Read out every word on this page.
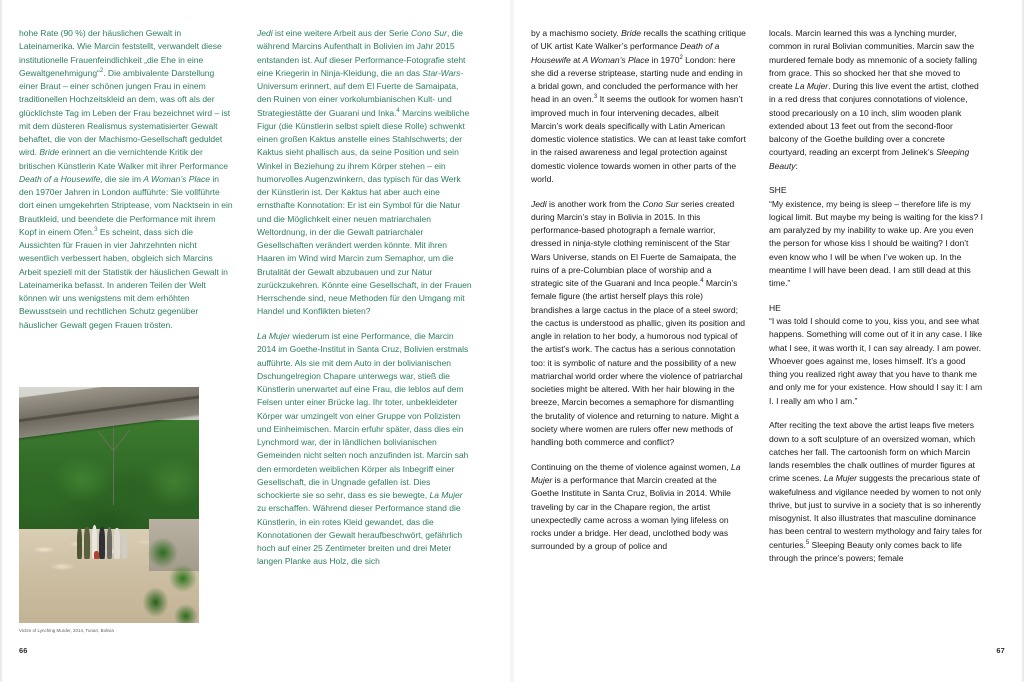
hohe Rate (90 %) der häuslichen Gewalt in Lateinamerika. Wie Marcin feststellt, verwandelt diese institutionelle Frauenfeindlichkeit „die Ehe in eine Gewaltgenehmigung“$^2$. Die ambivalente Darstellung einer Braut – einer schönen jungen Frau in einem traditionellen Hochzeitskleid an dem, was oft als der glücklichste Tag im Leben der Frau bezeichnet wird – ist mit dem düsteren Realismus systematisierter Gewalt behaftet, die von der Machismo-Gesellschaft geduldet wird. Bride erinnert an die vernichtende Kritik der britischen Künstlerin Kate Walker mit ihrer Performance Death of a Housewife, die sie im A Woman’s Place in den 1970er Jahren in London aufführte: Sie vollführte dort einen umgekehrten Striptease, vom Nacktsein in ein Brautkleid, und beendete die Performance mit ihrem Kopf in einem Ofen.$^3$ Es scheint, dass sich die Aussichten für Frauen in vier Jahrzehnten nicht wesentlich verbessert haben, obgleich sich Marcins Arbeit speziell mit der Statistik der häuslichen Gewalt in Lateinamerika befasst. In anderen Teilen der Welt können wir uns wenigstens mit dem erhöhten Bewusstsein und rechtlichen Schutz gegenüber häuslicher Gewalt gegen Frauen trösten.

Victim of Lynching Murder, 2014, Tunari, Bolivia

Jedi ist eine weitere Arbeit aus der Serie Cono Sur, die während Marcins Aufenthalt in Bolivien im Jahr 2015 entstanden ist. Auf dieser Performance-Fotografie steht eine Kriegerin in Ninja-Kleidung, die an das Star-Wars-Universum erinnert, auf dem El Fuerte de Samaipata, den Ruinen von einer vorkolumbianischen Kult- und Strategiestätte der Guarani und Inka.$^4$ Marcins weibliche Figur (die Künstlerin selbst spielt diese Rolle) schwenkt einen großen Kaktus anstelle eines Stahlschwerts; der Kaktus sieht phallisch aus, da seine Position und sein Winkel in Beziehung zu ihrem Körper stehen – ein humorvolles Augenzwinkern, das typisch für das Werk der Künstlerin ist. Der Kaktus hat aber auch eine ernsthafte Konnotation: Er ist ein Symbol für die Natur und die Möglichkeit einer neuen matriarchalen Weltordnung, in der die Gewalt patriarchaler Gesellschaften verändert werden könnte. Mit ihren Haaren im Wind wird Marcin zum Semaphor, um die Brutalität der Gewalt abzubauen und zur Natur zurückzukehren. Könnte eine Gesellschaft, in der Frauen Herrschende sind, neue Methoden für den Umgang mit Handel und Konflikten bieten?

La Mujer wiederum ist eine Performance, die Marcin 2014 im Goethe-Institut in Santa Cruz, Bolivien erstmals aufführte. Als sie mit dem Auto in der bolivianischen Dschungelregion Chapare unterwegs war, stieß die Künstlerin unerwartet auf eine Frau, die leblos auf dem Felsen unter einer Brücke lag. Ihr toter, unbekleideter Körper war umzingelt von einer Gruppe von Polizisten und Einheimischen. Marcin erfuhr später, dass dies ein Lynchmord war, der in ländlichen bolivianischen Gemeinden nicht selten noch anzufinden ist. Marcin sah den ermordeten weiblichen Körper als Inbegriff einer Gesellschaft, die in Ungnade gefallen ist. Dies schockierte sie so sehr, dass es sie bewegte, La Mujer zu erschaffen. Während dieser Performance stand die Künstlerin, in ein rotes Kleid gewandet, das die Konnotationen der Gewalt heraufbeschwört, gefährlich hoch auf einer 25 Zentimeter breiten und drei Meter langen Planke aus Holz, die sich

66

by a machismo society. Bride recalls the scathing critique of UK artist Kate Walker’s performance Death of a Housewife at A Woman’s Place in 1970$^2$ London: here she did a reverse striptease, starting nude and ending in a bridal gown, and concluded the performance with her head in an oven.$^3$ It seems the outlook for women hasn’t improved much in four intervening decades, albeit Marcin’s work deals specifically with Latin American domestic violence statistics. We can at least take comfort in the raised awareness and legal protection against domestic violence towards women in other parts of the world.

Jedi is another work from the Cono Sur series created during Marcin’s stay in Bolivia in 2015. In this performance-based photograph a female warrior, dressed in ninja-style clothing reminiscent of the Star Wars Universe, stands on El Fuerte de Samaipata, the ruins of a pre-Columbian place of worship and a strategic site of the Guarani and Inca people.$^4$ Marcin’s female figure (the artist herself plays this role) brandishes a large cactus in the place of a steel sword; the cactus is understood as phallic, given its position and angle in relation to her body, a humorous nod typical of the artist’s work. The cactus has a serious connotation too: it is symbolic of nature and the possibility of a new matriarchal world order where the violence of patriarchal societies might be altered. With her hair blowing in the breeze, Marcin becomes a semaphore for dismantling the brutality of violence and returning to nature. Might a society where women are rulers offer new methods of handling both commerce and conflict?

Continuing on the theme of violence against women, La Mujer is a performance that Marcin created at the Goethe Institute in Santa Cruz, Bolivia in 2014. While traveling by car in the Chapare region, the artist unexpectedly came across a woman lying lifeless on rocks under a bridge. Her dead, unclothed body was surrounded by a group of police and

locals. Marcin learned this was a lynching murder, common in rural Bolivian communities. Marcin saw the murdered female body as mnemonic of a society falling from grace. This so shocked her that she moved to create La Mujer. During this live event the artist, clothed in a red dress that conjures connotations of violence, stood precariously on a 10 inch, slim wooden plank extended about 13 feet out from the second-floor balcony of the Goethe building over a concrete courtyard, reading an excerpt from Jelinek’s Sleeping Beauty:

SHE
“My existence, my being is sleep – therefore life is my logical limit. But maybe my being is waiting for the kiss? I am paralyzed by my inability to wake up. Are you even the person for whose kiss I should be waiting? I don’t even know who I will be when I’ve woken up. In the meantime I will have been dead. I am still dead at this time.”

HE
“I was told I should come to you, kiss you, and see what happens. Something will come out of it in any case. I like what I see, it was worth it, I can say already. I am power. Whoever goes against me, loses himself. It’s a good thing you realized right away that you have to thank me and only me for your existence. How should I say it: I am I. I really am who I am.”

After reciting the text above the artist leaps five meters down to a soft sculpture of an oversized woman, which catches her fall. The cartoonish form on which Marcin lands resembles the chalk outlines of murder figures at crime scenes. La Mujer suggests the precarious state of wakefulness and vigilance needed by women to not only thrive, but just to survive in a society that is so inherently misogynist. It also illustrates that masculine dominance has been central to western mythology and fairy tales for centuries.$^5$ Sleeping Beauty only comes back to life through the prince’s powers; female

67
